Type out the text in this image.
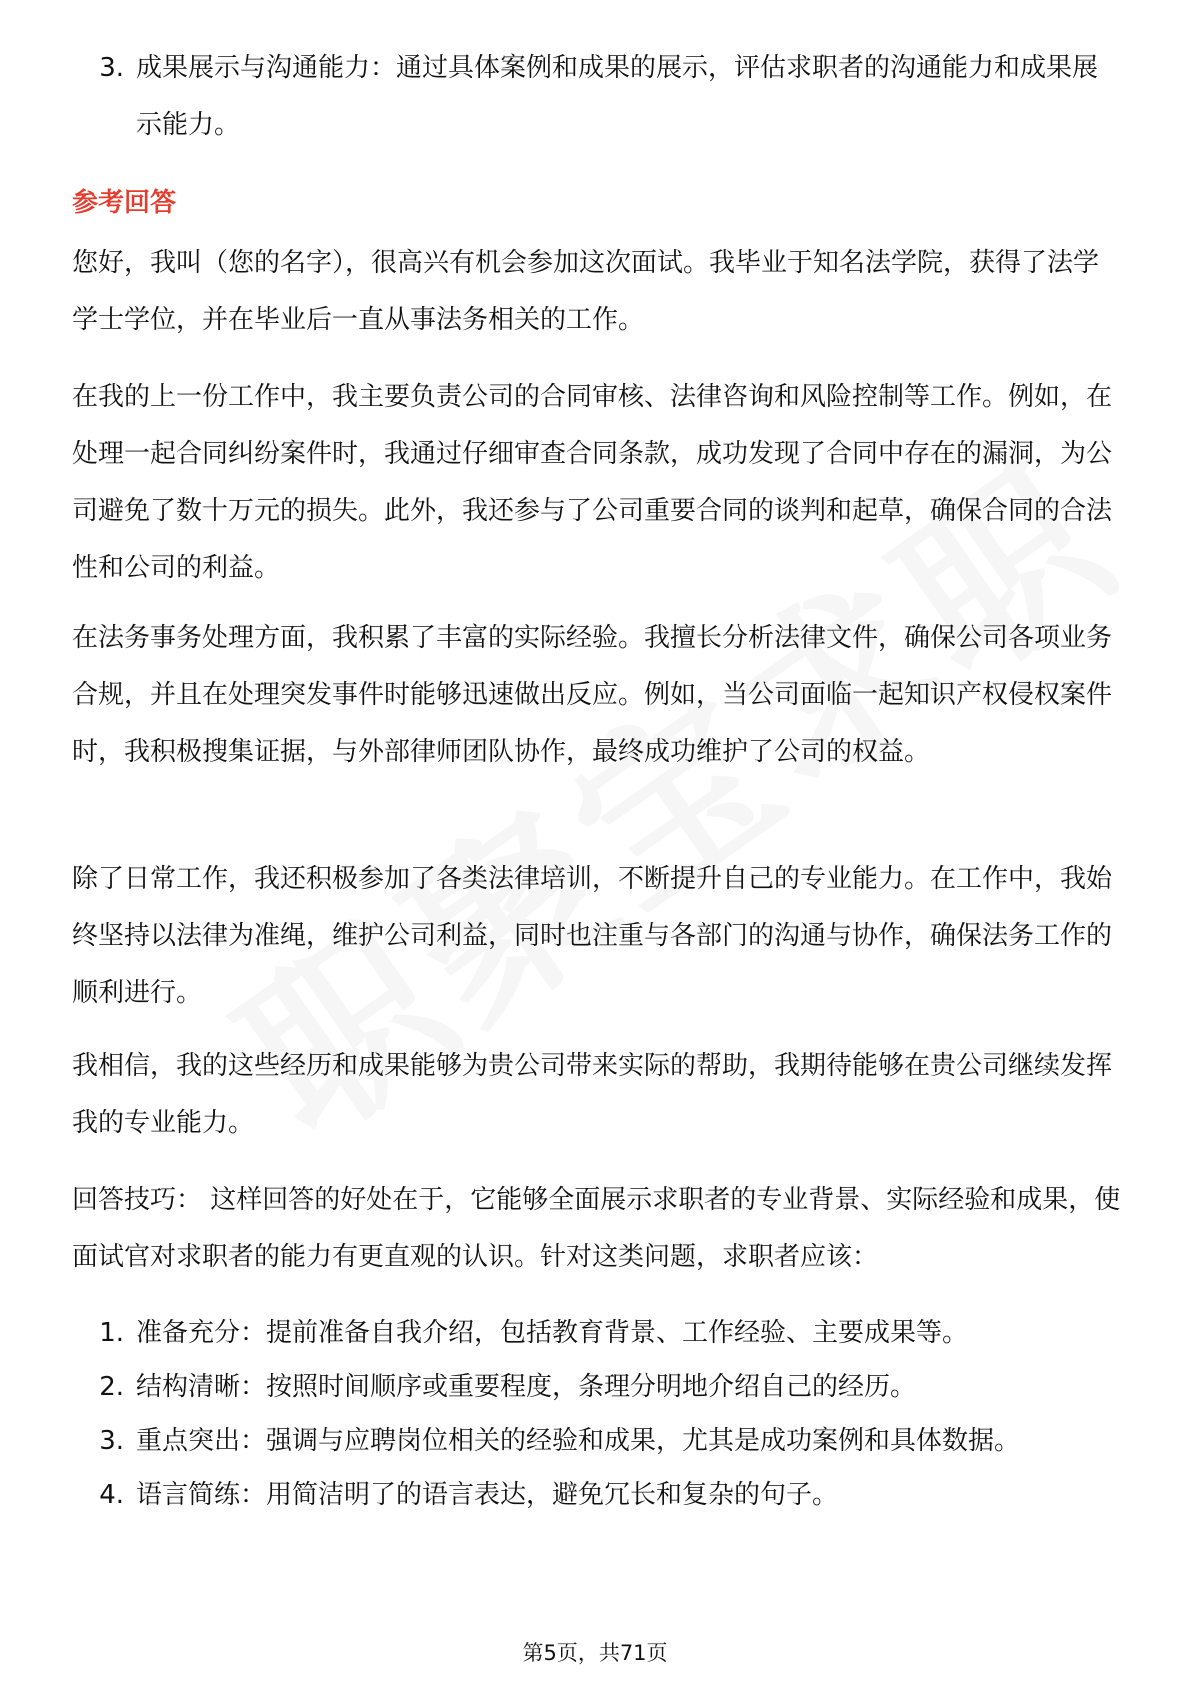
3. 成果展示与沟通能力：通过具体案例和成果的展示，评估求职者的沟通能力和成果展示能力。
参考回答

您好，我叫（您的名字），很高兴有机会参加这次面试。我毕业于知名法学院，获得了法学学士学位，并在毕业后一直从事法务相关的工作。

在我的上一份工作中，我主要负责公司的合同审核、法律咨询和风险控制等工作。例如，在处理一起合同纠纷案件时，我通过仔细审查合同条款，成功发现了合同中存在的漏洞，为公司避免了数十万元的损失。此外，我还参与了公司重要合同的谈判和起草，确保合同的合法性和公司的利益。

在法务事务处理方面，我积累了丰富的实际经验。我擅长分析法律文件，确保公司各项业务合规，并且在处理突发事件时能够迅速做出反应。例如，当公司面临一起知识产权侵权案件时，我积极搜集证据，与外部律师团队协作，最终成功维护了公司的权益。

除了日常工作，我还积极参加了各类法律培训，不断提升自己的专业能力。在工作中，我始终坚持以法律为准绳，维护公司利益，同时也注重与各部门的沟通与协作，确保法务工作的顺利进行。

我相信，我的这些经历和成果能够为贵公司带来实际的帮助，我期待能够在贵公司继续发挥我的专业能力。

回答技巧： 这样回答的好处在于，它能够全面展示求职者的专业背景、实际经验和成果，使面试官对求职者的能力有更直观的认识。针对这类问题，求职者应该：

1. 准备充分：提前准备自我介绍，包括教育背景、工作经验、主要成果等。
2. 结构清晰：按照时间顺序或重要程度，条理分明地介绍自己的经历。
3. 重点突出：强调与应聘岗位相关的经验和成果，尤其是成功案例和具体数据。
4. 语言简练：用简洁明了的语言表达，避免冗长和复杂的句子。
第5页，共71页
